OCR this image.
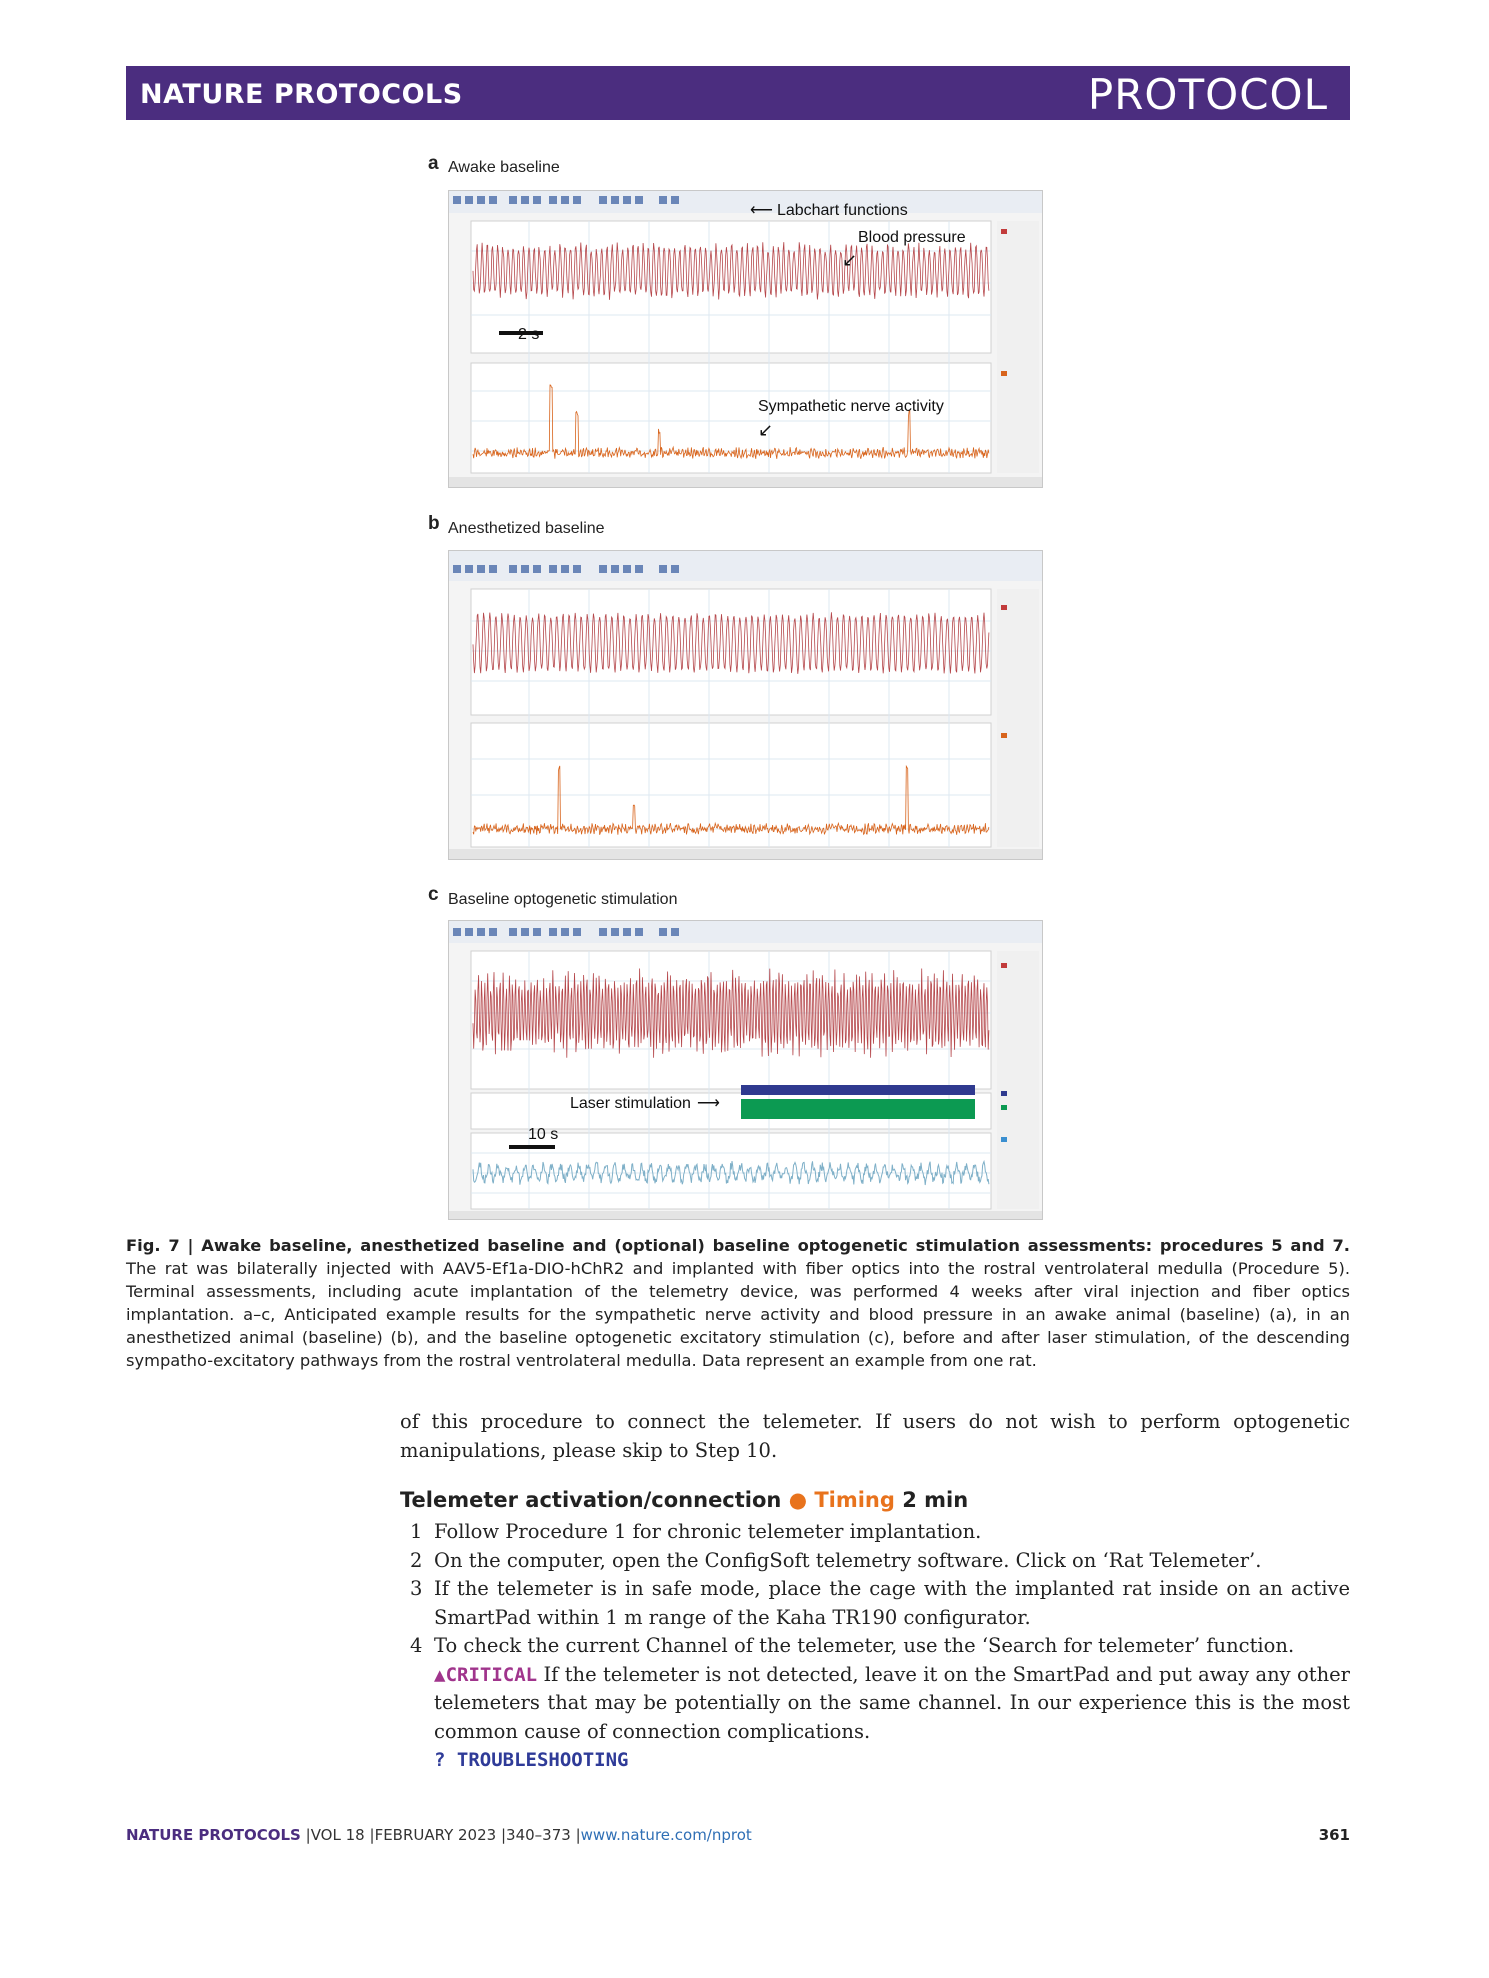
NATURE PROTOCOLS	PROTOCOL
a Awake baseline
⟵ Labchart functions
Blood pressure
↙
Sympathetic nerve activity
↙
2 s
b Anesthetized baseline
c Baseline optogenetic stimulation
Laser stimulation ⟶
10 s
Fig. 7 | Awake baseline, anesthetized baseline and (optional) baseline optogenetic stimulation assessments: procedures 5 and 7. The rat was bilaterally injected with AAV5-Ef1a-DIO-hChR2 and implanted with fiber optics into the rostral ventrolateral medulla (Procedure 5). Terminal assessments, including acute implantation of the telemetry device, was performed 4 weeks after viral injection and fiber optics implantation. a–c, Anticipated example results for the sympathetic nerve activity and blood pressure in an awake animal (baseline) (a), in an anesthetized animal (baseline) (b), and the baseline optogenetic excitatory stimulation (c), before and after laser stimulation, of the descending sympatho-excitatory pathways from the rostral ventrolateral medulla. Data represent an example from one rat.
of this procedure to connect the telemeter. If users do not wish to perform optogenetic manipulations, please skip to Step 10.
Telemeter activation/connection ● Timing 2 min
1 Follow Procedure 1 for chronic telemeter implantation.
2 On the computer, open the ConfigSoft telemetry software. Click on ‘Rat Telemeter’.
3 If the telemeter is in safe mode, place the cage with the implanted rat inside on an active SmartPad within 1 m range of the Kaha TR190 configurator.
4 To check the current Channel of the telemeter, use the ‘Search for telemeter’ function.
▲CRITICAL If the telemeter is not detected, leave it on the SmartPad and put away any other telemeters that may be potentially on the same channel. In our experience this is the most common cause of connection complications.
? TROUBLESHOOTING
NATURE PROTOCOLS |VOL 18 |FEBRUARY 2023 |340–373 |www.nature.com/nprot	361
